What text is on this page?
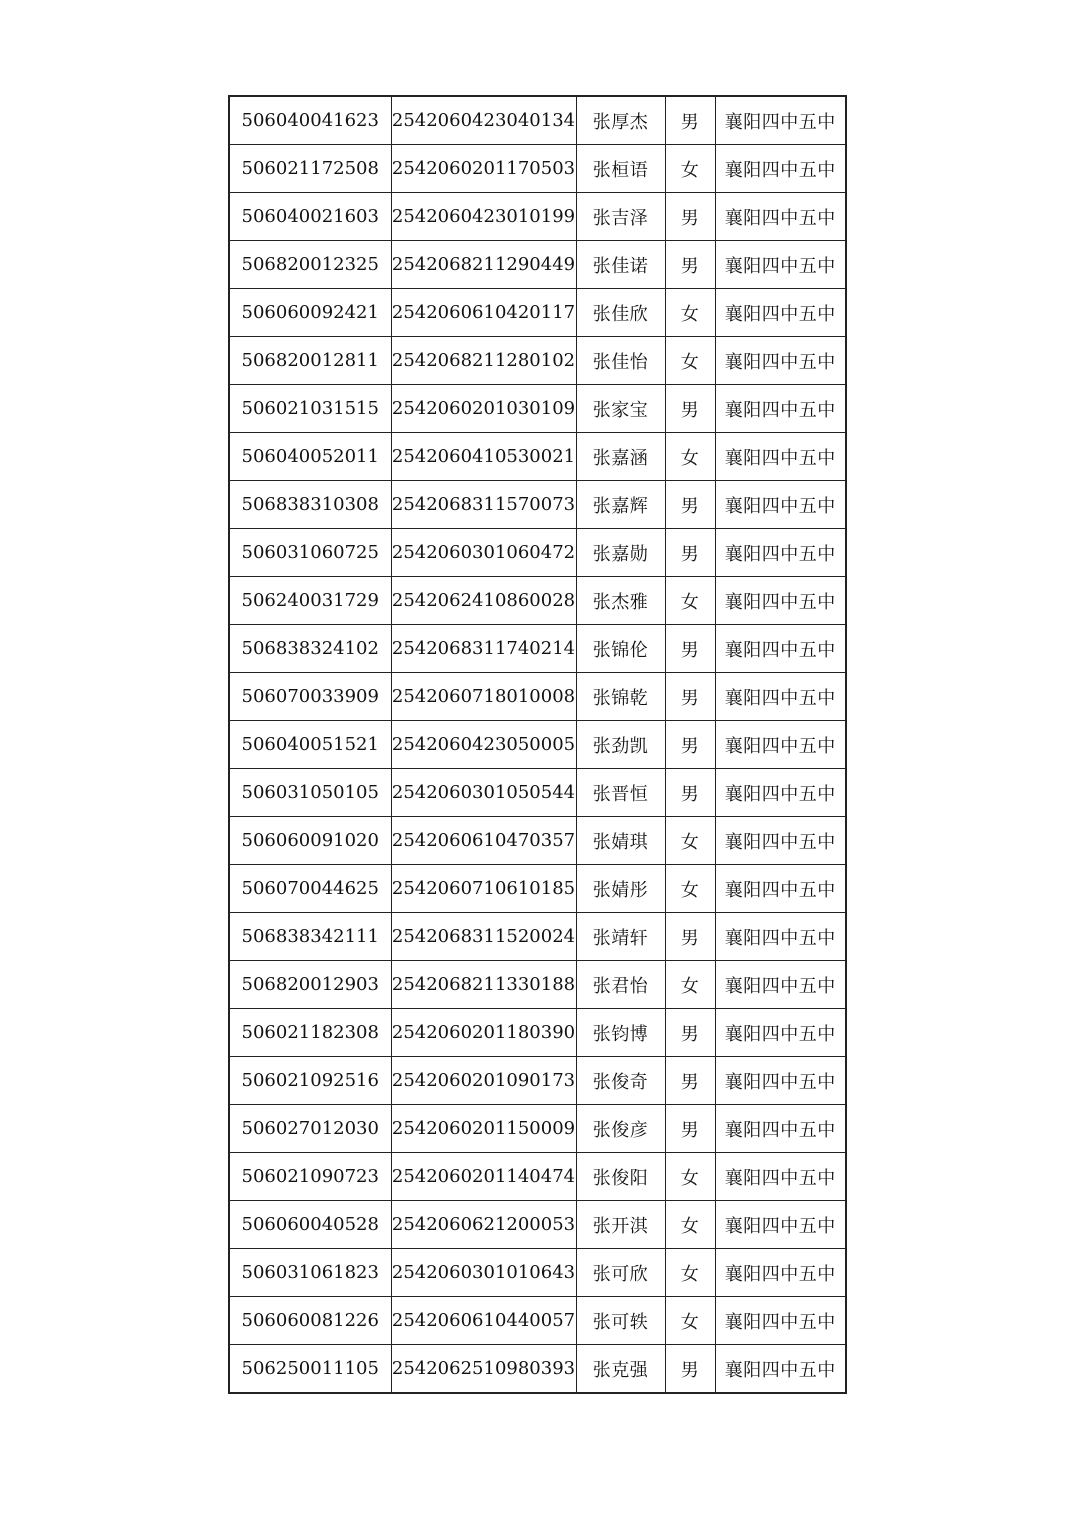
506040041623	2542060423040134	张厚杰	男	襄阳四中五中
506021172508	2542060201170503	张桓语	女	襄阳四中五中
506040021603	2542060423010199	张吉泽	男	襄阳四中五中
506820012325	2542068211290449	张佳诺	男	襄阳四中五中
506060092421	2542060610420117	张佳欣	女	襄阳四中五中
506820012811	2542068211280102	张佳怡	女	襄阳四中五中
506021031515	2542060201030109	张家宝	男	襄阳四中五中
506040052011	2542060410530021	张嘉涵	女	襄阳四中五中
506838310308	2542068311570073	张嘉辉	男	襄阳四中五中
506031060725	2542060301060472	张嘉勋	男	襄阳四中五中
506240031729	2542062410860028	张杰雅	女	襄阳四中五中
506838324102	2542068311740214	张锦伦	男	襄阳四中五中
506070033909	2542060718010008	张锦乾	男	襄阳四中五中
506040051521	2542060423050005	张劲凯	男	襄阳四中五中
506031050105	2542060301050544	张晋恒	男	襄阳四中五中
506060091020	2542060610470357	张婧琪	女	襄阳四中五中
506070044625	2542060710610185	张婧彤	女	襄阳四中五中
506838342111	2542068311520024	张靖轩	男	襄阳四中五中
506820012903	2542068211330188	张君怡	女	襄阳四中五中
506021182308	2542060201180390	张钧博	男	襄阳四中五中
506021092516	2542060201090173	张俊奇	男	襄阳四中五中
506027012030	2542060201150009	张俊彦	男	襄阳四中五中
506021090723	2542060201140474	张俊阳	女	襄阳四中五中
506060040528	2542060621200053	张开淇	女	襄阳四中五中
506031061823	2542060301010643	张可欣	女	襄阳四中五中
506060081226	2542060610440057	张可轶	女	襄阳四中五中
506250011105	2542062510980393	张克强	男	襄阳四中五中
